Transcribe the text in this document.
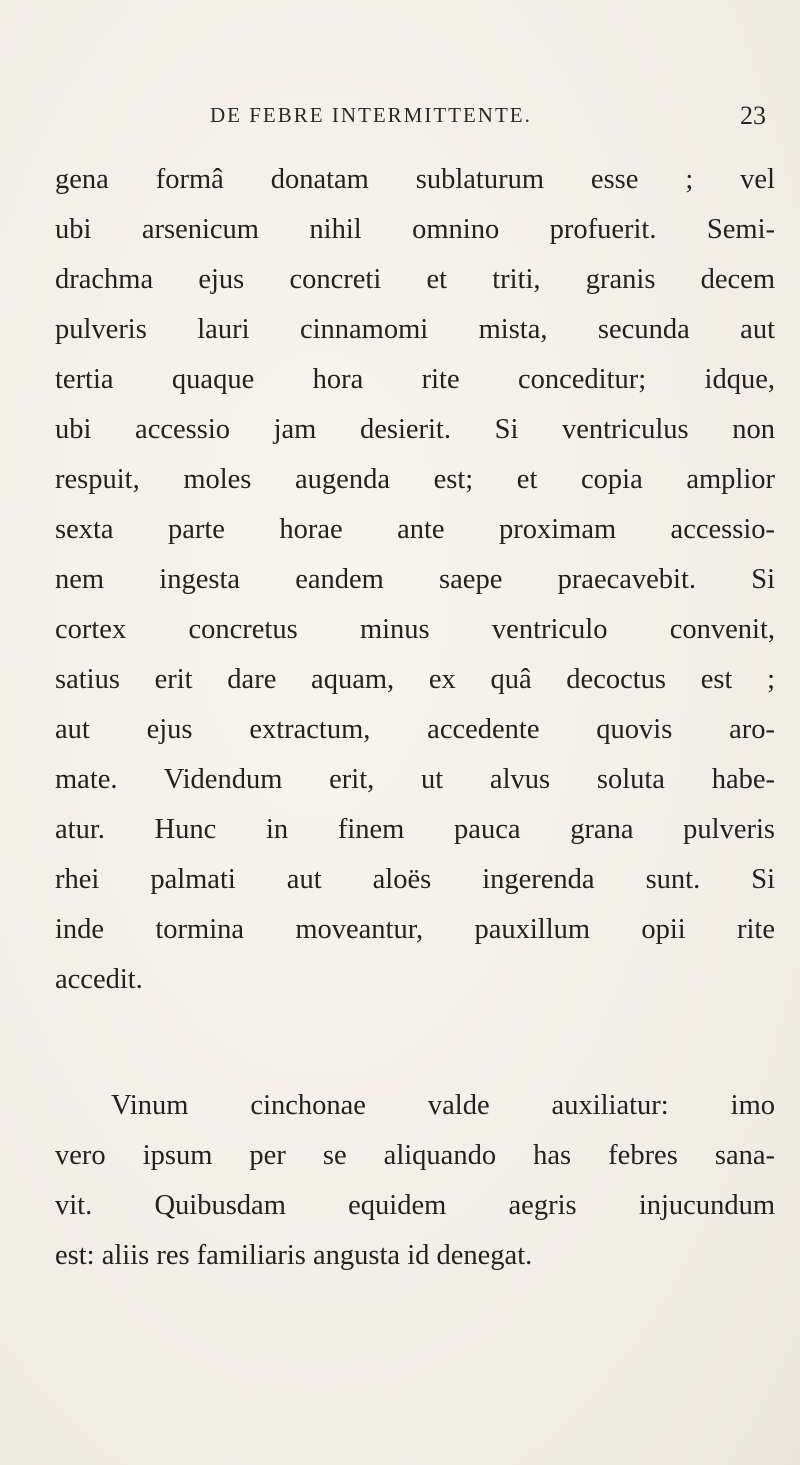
DE FEBRE INTERMITTENTE.	23
gena formâ donatam sublaturum esse ; vel
ubi arsenicum nihil omnino profuerit. Semi-
drachma ejus concreti et triti, granis decem
pulveris lauri cinnamomi mista, secunda aut
tertia quaque hora rite conceditur; idque,
ubi accessio jam desierit. Si ventriculus non
respuit, moles augenda est; et copia amplior
sexta parte horae ante proximam accessio-
nem ingesta eandem saepe praecavebit. Si
cortex concretus minus ventriculo convenit,
satius erit dare aquam, ex quâ decoctus est ;
aut ejus extractum, accedente quovis aro-
mate. Videndum erit, ut alvus soluta habe-
atur. Hunc in finem pauca grana pulveris
rhei palmati aut aloës ingerenda sunt. Si
inde tormina moveantur, pauxillum opii rite
accedit.
Vinum cinchonae valde auxiliatur: imo
vero ipsum per se aliquando has febres sana-
vit. Quibusdam equidem aegris injucundum
est: aliis res familiaris angusta id denegat.
